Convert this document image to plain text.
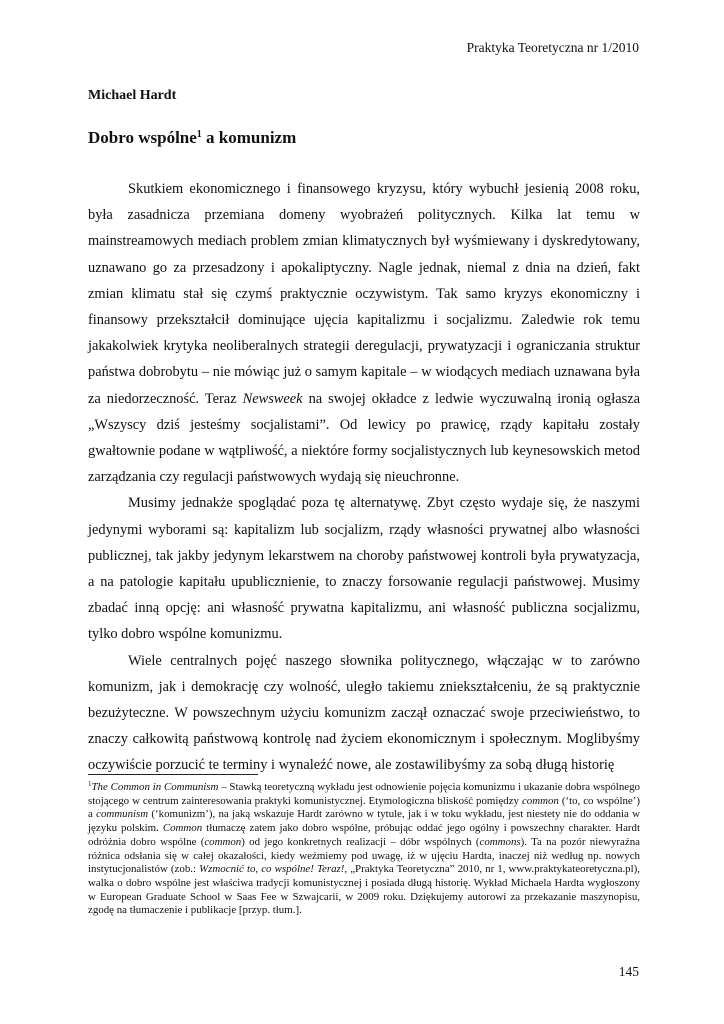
Praktyka Teoretyczna nr 1/2010
Michael Hardt
Dobro wspólne$^1$ a komunizm

Skutkiem ekonomicznego i finansowego kryzysu, który wybuchł jesienią 2008 roku, była zasadnicza przemiana domeny wyobrażeń politycznych. Kilka lat temu w mainstreamowych mediach problem zmian klimatycznych był wyśmiewany i dyskredytowany, uznawano go za przesadzony i apokaliptyczny. Nagle jednak, niemal z dnia na dzień, fakt zmian klimatu stał się czymś praktycznie oczywistym. Tak samo kryzys ekonomiczny i finansowy przekształcił dominujące ujęcia kapitalizmu i socjalizmu. Zaledwie rok temu jakakolwiek krytyka neoliberalnych strategii deregulacji, prywatyzacji i ograniczania struktur państwa dobrobytu – nie mówiąc już o samym kapitale – w wiodących mediach uznawana była za niedorzeczność. Teraz Newsweek na swojej okładce z ledwie wyczuwalną ironią ogłasza „Wszyscy dziś jesteśmy socjalistami”. Od lewicy po prawicę, rządy kapitału zostały gwałtownie podane w wątpliwość, a niektóre formy socjalistycznych lub keynesowskich metod zarządzania czy regulacji państwowych wydają się nieuchronne.

Musimy jednakże spoglądać poza tę alternatywę. Zbyt często wydaje się, że naszymi jedynymi wyborami są: kapitalizm lub socjalizm, rządy własności prywatnej albo własności publicznej, tak jakby jedynym lekarstwem na choroby państwowej kontroli była prywatyzacja, a na patologie kapitału upublicznienie, to znaczy forsowanie regulacji państwowej. Musimy zbadać inną opcję: ani własność prywatna kapitalizmu, ani własność publiczna socjalizmu, tylko dobro wspólne komunizmu.

Wiele centralnych pojęć naszego słownika politycznego, włączając w to zarówno komunizm, jak i demokrację czy wolność, uległo takiemu zniekształceniu, że są praktycznie bezużyteczne. W powszechnym użyciu komunizm zaczął oznaczać swoje przeciwieństwo, to znaczy całkowitą państwową kontrolę nad życiem ekonomicznym i społecznym. Moglibyśmy oczywiście porzucić te terminy i wynaleźć nowe, ale zostawilibyśmy za sobą długą historię

$^1$The Common in Communism – Stawką teoretyczną wykładu jest odnowienie pojęcia komunizmu i ukazanie dobra wspólnego stojącego w centrum zainteresowania praktyki komunistycznej. Etymologiczna bliskość pomiędzy common (‘to, co wspólne’) a communism (‘komunizm’), na jaką wskazuje Hardt zarówno w tytule, jak i w toku wykładu, jest niestety nie do oddania w języku polskim. Common tłumaczę zatem jako dobro wspólne, próbując oddać jego ogólny i powszechny charakter. Hardt odróżnia dobro wspólne (common) od jego konkretnych realizacji – dóbr wspólnych (commons). Ta na pozór niewyraźna różnica odsłania się w całej okazałości, kiedy weźmiemy pod uwagę, iż w ujęciu Hardta, inaczej niż według np. nowych instytucjonalistów (zob.: Wzmocnić to, co wspólne! Teraz!, „Praktyka Teoretyczna” 2010, nr 1, www.praktykateoretyczna.pl), walka o dobro wspólne jest właściwa tradycji komunistycznej i posiada długą historię. Wykład Michaela Hardta wygłoszony w European Graduate School w Saas Fee w Szwajcarii, w 2009 roku. Dziękujemy autorowi za przekazanie maszynopisu, zgodę na tłumaczenie i publikacje [przyp. tłum.].
145
